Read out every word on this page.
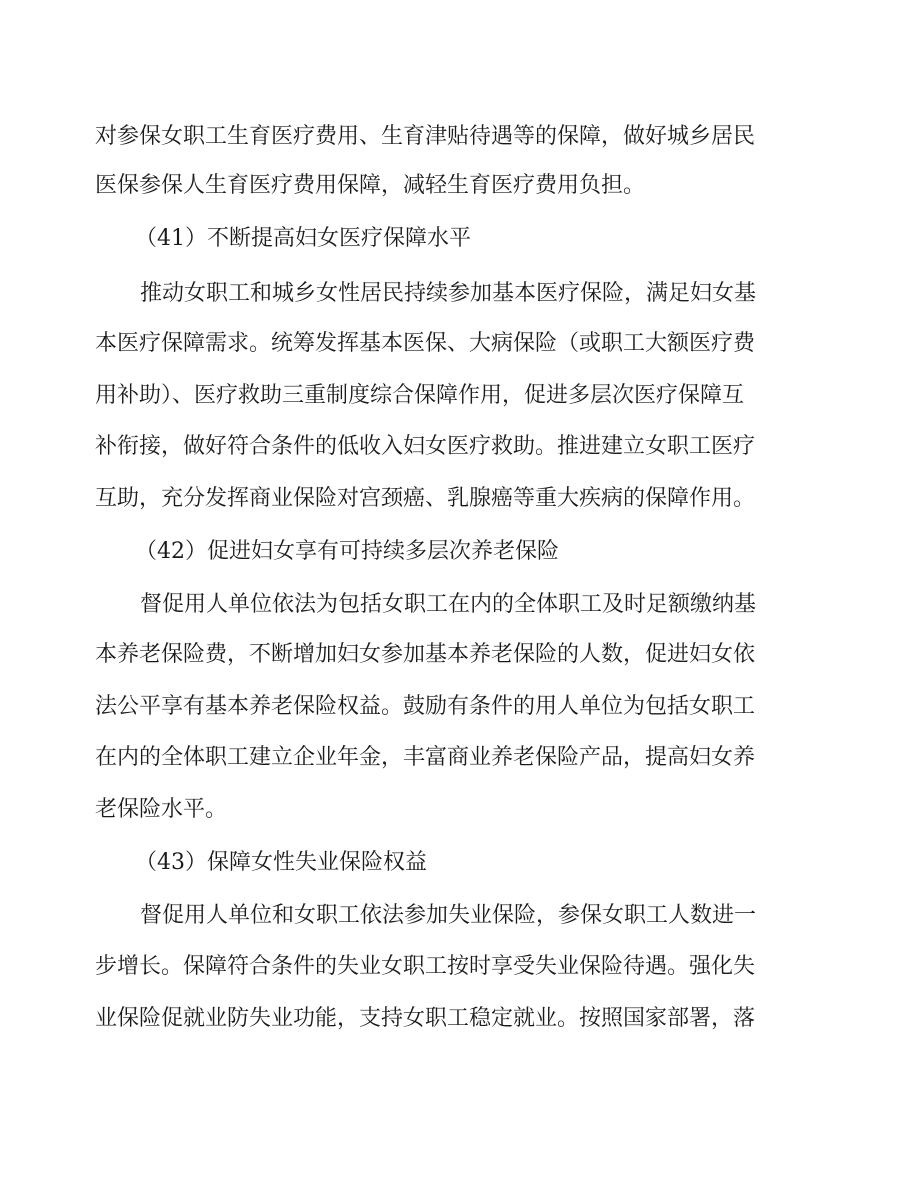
对参保女职工生育医疗费用、生育津贴待遇等的保障，做好城乡居民
医保参保人生育医疗费用保障，减轻生育医疗费用负担。
（41）不断提高妇女医疗保障水平
推动女职工和城乡女性居民持续参加基本医疗保险，满足妇女基
本医疗保障需求。统筹发挥基本医保、大病保险（或职工大额医疗费
用补助）、医疗救助三重制度综合保障作用，促进多层次医疗保障互
补衔接，做好符合条件的低收入妇女医疗救助。推进建立女职工医疗
互助，充分发挥商业保险对宫颈癌、乳腺癌等重大疾病的保障作用。
（42）促进妇女享有可持续多层次养老保险
督促用人单位依法为包括女职工在内的全体职工及时足额缴纳基
本养老保险费，不断增加妇女参加基本养老保险的人数，促进妇女依
法公平享有基本养老保险权益。鼓励有条件的用人单位为包括女职工
在内的全体职工建立企业年金，丰富商业养老保险产品，提高妇女养
老保险水平。
（43）保障女性失业保险权益
督促用人单位和女职工依法参加失业保险，参保女职工人数进一
步增长。保障符合条件的失业女职工按时享受失业保险待遇。强化失
业保险促就业防失业功能，支持女职工稳定就业。按照国家部署，落
